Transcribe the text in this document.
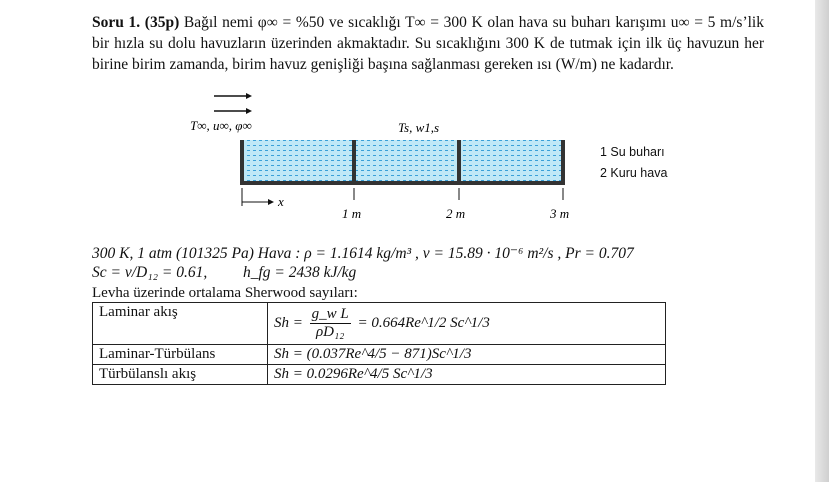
Soru 1. (35p) Bağıl nemi φ∞ = %50 ve sıcaklığı T∞ = 300 K olan hava su buharı karışımı u∞ = 5 m/s’lik bir hızla su dolu havuzların üzerinden akmaktadır. Su sıcaklığını 300 K de tutmak için ilk üç havuzun her birine birim zamanda, birim havuz genişliği başına sağlanması gereken ısı (W/m) ne kadardır.
T∞, u∞, φ∞	Ts, w1,s
x
1 m	2 m	3 m
1 Su buharı
2 Kuru hava
300 K, 1 atm (101325 Pa) Hava : ρ = 1.1614 kg/m³ , v = 15.89 · 10⁻⁶ m²/s , Pr = 0.707
Sc = v/D₁₂ = 0.61, h_fg = 2438 kJ/kg
Levha üzerinde ortalama Sherwood sayıları:
Laminar akış	$Sh = \frac{\text{g\_w L}}{\text{ρD₁₂}}$ = 0.664Re^1/2 Sc^1/3
Laminar-Türbülans	Sh = (0.037Re^4/5 − 871)Sc^1/3
Türbülanslı akış	Sh = 0.0296Re^4/5 Sc^1/3
